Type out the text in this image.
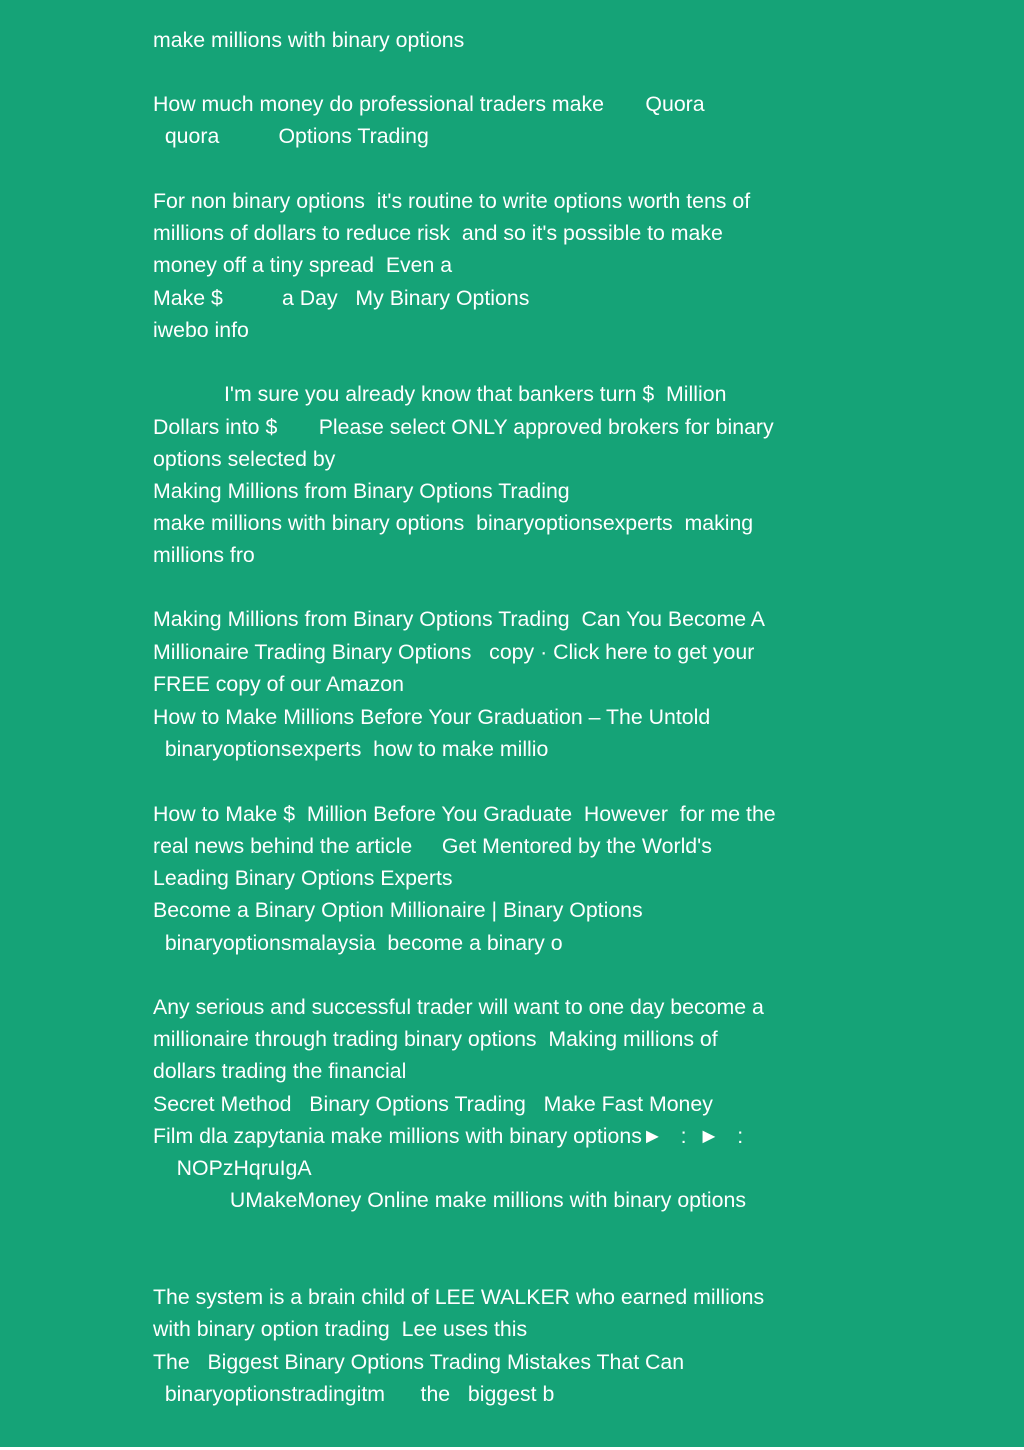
make millions with binary options

How much money do professional traders make       Quora

quora          Options Trading

For non binary options  it's routine to write options worth tens of

millions of dollars to reduce risk  and so it's possible to make

money off a tiny spread  Even a

Make $          a Day   My Binary Options

iwebo info

I'm sure you already know that bankers turn $  Million

Dollars into $       Please select ONLY approved brokers for binary

options selected by

Making Millions from Binary Options Trading

make millions with binary options  binaryoptionsexperts  making

millions fro

Making Millions from Binary Options Trading  Can You Become A

Millionaire Trading Binary Options   copy · Click here to get your

FREE copy of our Amazon

How to Make Millions Before Your Graduation – The Untold

binaryoptionsexperts  how to make millio

How to Make $  Million Before You Graduate  However  for me the

real news behind the article     Get Mentored by the World's

Leading Binary Options Experts

Become a Binary Option Millionaire | Binary Options

binaryoptionsmalaysia  become a binary o

Any serious and successful trader will want to one day become a

millionaire through trading binary options  Making millions of

dollars trading the financial

Secret Method   Binary Options Trading   Make Fast Money

Film dla zapytania make millions with binary options►   :  ►   :

NOPzHqruIgA

UMakeMoney Online make millions with binary options

The system is a brain child of LEE WALKER who earned millions

with binary option trading  Lee uses this

The   Biggest Binary Options Trading Mistakes That Can

binaryoptionstradingitm      the   biggest b
